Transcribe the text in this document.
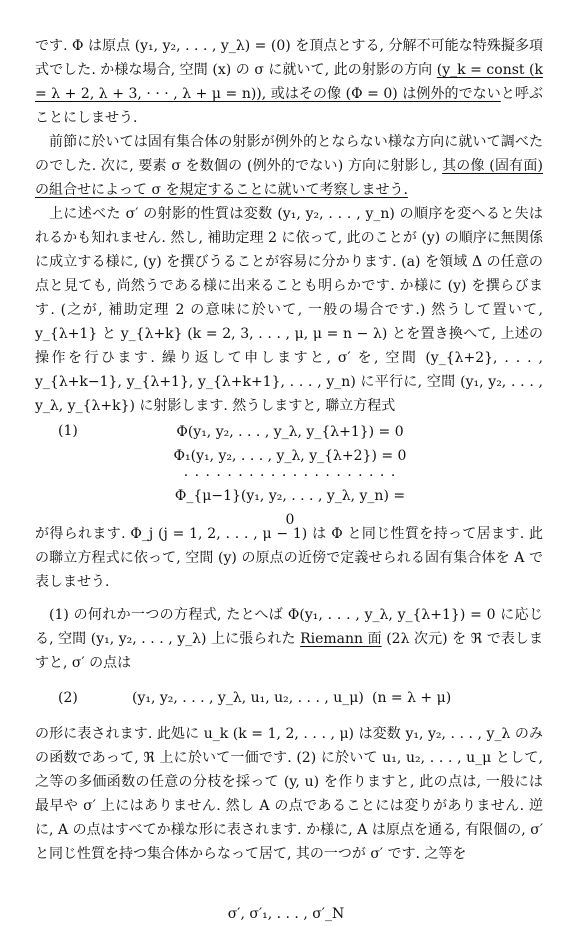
です. Φ は原点 (y₁, y₂, . . . , y_λ) = (0) を頂点とする, 分解不可能な特殊擬多項式でした. か様な場合, 空間 (x) の σ に就いて, 此の射影の方向 (y_k = const (k = λ + 2, λ + 3, · · · , λ + μ = n)), 或はその像 (Φ = 0) は例外的でないと呼ぶことにしませう.

前節に於いては固有集合体の射影が例外的とならない様な方向に就いて調べたのでした. 次に, 要素 σ を数個の (例外的でない) 方向に射影し, 其の像 (固有面) の組合せによって σ を規定することに就いて考察しませう.

上に述べた σ′ の射影的性質は変数 (y₁, y₂, . . . , y_n) の順序を変へると失はれるかも知れません. 然し, 補助定理 2 に依って, 此のことが (y) の順序に無関係に成立する様に, (y) を撰びうることが容易に分かります. (a) を領域 Δ の任意の点と見ても, 尚然うである様に出来ることも明らかです. か様に (y) を撰らびます. (之が, 補助定理 2 の意味に於いて, 一般の場合です.) 然うして置いて, y_{λ+1} と y_{λ+k} (k = 2, 3, . . . , μ, μ = n − λ) とを置き換へて, 上述の操作を行ひます. 繰り返して申しますと, σ′ を, 空間 (y_{λ+2}, . . . , y_{λ+k−1}, y_{λ+1}, y_{λ+k+1}, . . . , y_n) に平行に, 空間 (y₁, y₂, . . . , y_λ, y_{λ+k}) に射影します. 然うしますと, 聯立方程式

(1)	Φ(y₁, y₂, . . . , y_λ, y_{λ+1}) = 0
Φ₁(y₁, y₂, . . . , y_λ, y_{λ+2}) = 0
· · · · · · · · · · · · · · · · · · · ·
Φ_{μ−1}(y₁, y₂, . . . , y_λ, y_n) = 0

が得られます. Φ_j (j = 1, 2, . . . , μ − 1) は Φ と同じ性質を持って居ます. 此の聯立方程式に依って, 空間 (y) の原点の近傍で定義せられる固有集合体を A で表しませう.

(1) の何れか一つの方程式, たとへば Φ(y₁, . . . , y_λ, y_{λ+1}) = 0 に応じる, 空間 (y₁, y₂, . . . , y_λ) 上に張られた Riemann 面 (2λ 次元) を ℜ で表しますと, σ′ の点は

(2)	(y₁, y₂, . . . , y_λ, u₁, u₂, . . . , u_μ) (n = λ + μ)

の形に表されます. 此処に u_k (k = 1, 2, . . . , μ) は変数 y₁, y₂, . . . , y_λ のみの函数であって, ℜ 上に於いて一価です. (2) に於いて u₁, u₂, . . . , u_μ として, 之等の多価函数の任意の分枝を採って (y, u) を作りますと, 此の点は, 一般には最早や σ′ 上にはありません. 然し A の点であることには変りがありません. 逆に, A の点はすべてか様な形に表されます. か様に, A は原点を通る, 有限個の, σ′ と同じ性質を持つ集合体からなって居て, 其の一つが σ′ です. 之等を

σ′, σ′₁, . . . , σ′_N
